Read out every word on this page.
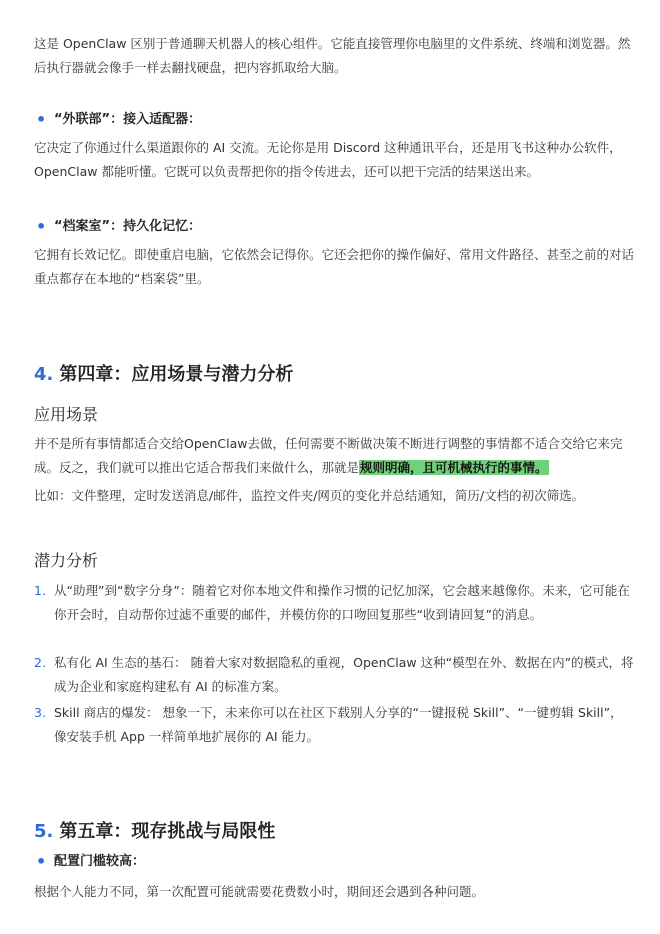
这是 OpenClaw 区别于普通聊天机器人的核心组件。它能直接管理你电脑里的文件系统、终端和浏览器。然后执行器就会像手一样去翻找硬盘，把内容抓取给大脑。
• “外联部”：接入适配器：
它决定了你通过什么渠道跟你的 AI 交流。无论你是用 Discord 这种通讯平台，还是用飞书这种办公软件，OpenClaw 都能听懂。它既可以负责帮把你的指令传进去，还可以把干完活的结果送出来。
• “档案室”：持久化记忆：
它拥有长效记忆。即使重启电脑，它依然会记得你。它还会把你的操作偏好、常用文件路径、甚至之前的对话重点都存在本地的“档案袋”里。
4. 第四章：应用场景与潜力分析
应用场景
并不是所有事情都适合交给OpenClaw去做，任何需要不断做决策不断进行调整的事情都不适合交给它来完成。反之，我们就可以推出它适合帮我们来做什么，那就是规则明确，且可机械执行的事情。
比如：文件整理，定时发送消息/邮件，监控文件夹/网页的变化并总结通知，简历/文档的初次筛选。
潜力分析
1. 从“助理”到“数字分身”：随着它对你本地文件和操作习惯的记忆加深，它会越来越像你。未来，它可能在你开会时，自动帮你过滤不重要的邮件，并模仿你的口吻回复那些“收到请回复”的消息。
2. 私有化 AI 生态的基石： 随着大家对数据隐私的重视，OpenClaw 这种“模型在外、数据在内”的模式，将成为企业和家庭构建私有 AI 的标准方案。
3. Skill 商店的爆发： 想象一下，未来你可以在社区下载别人分享的“一键报税 Skill”、“一键剪辑 Skill”，像安装手机 App 一样简单地扩展你的 AI 能力。
5. 第五章：现存挑战与局限性
• 配置门槛较高：
根据个人能力不同，第一次配置可能就需要花费数小时，期间还会遇到各种问题。
